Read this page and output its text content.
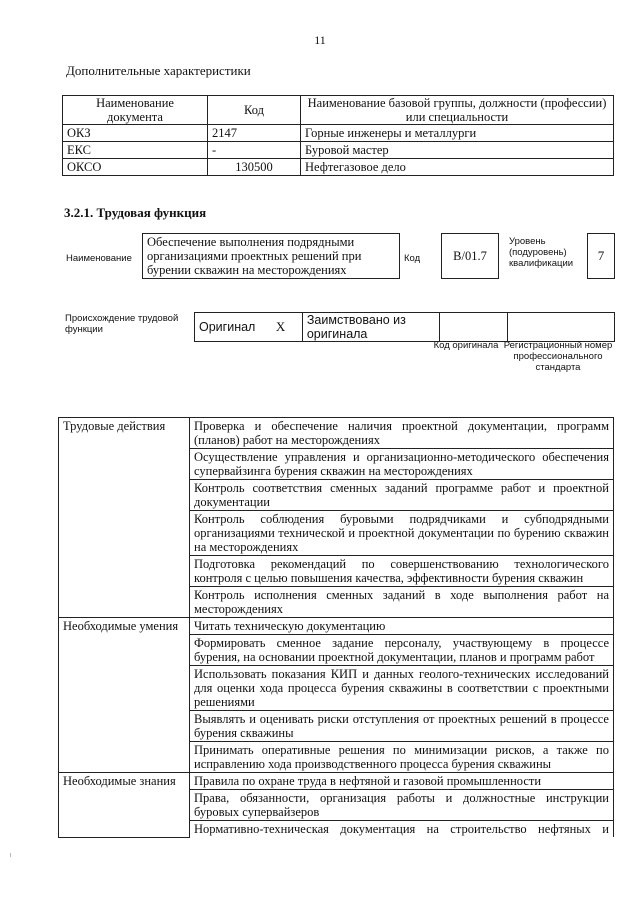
11
Дополнительные характеристики
Наименование документа	Код	Наименование базовой группы, должности (профессии) или специальности
ОКЗ	2147	Горные инженеры и металлурги
ЕКС	-	Буровой мастер
ОКСО	130500	Нефтегазовое дело
3.2.1. Трудовая функция
Наименование
Обеспечение выполнения подрядными организациями проектных решений при бурении скважин на месторождениях
Код	В/01.7
Уровень (подуровень) квалификации
7
Происхождение трудовой функции	Оригинал	X	Заимствовано из оригинала		
Код оригинала Регистрационный номер профессионального стандарта
Трудовые действия	Проверка и обеспечение наличия проектной документации, программ (планов) работ на месторождениях
	Осуществление управления и организационно-методического обеспечения супервайзинга бурения скважин на месторождениях
	Контроль соответствия сменных заданий программе работ и проектной документации
	Контроль соблюдения буровыми подрядчиками и субподрядными организациями технической и проектной документации по бурению скважин на месторождениях
	Подготовка рекомендаций по совершенствованию технологического контроля с целью повышения качества, эффективности бурения скважин
	Контроль исполнения сменных заданий в ходе выполнения работ на месторождениях
Необходимые умения	Читать техническую документацию
	Формировать сменное задание персоналу, участвующему в процессе бурения, на основании проектной документации, планов и программ работ
	Использовать показания КИП и данных геолого-технических исследований для оценки хода процесса бурения скважины в соответствии с проектными решениями
	Выявлять и оценивать риски отступления от проектных решений в процессе бурения скважины
	Принимать оперативные решения по минимизации рисков, а также по исправлению хода производственного процесса бурения скважины
Необходимые знания	Правила по охране труда в нефтяной и газовой промышленности
	Права, обязанности, организация работы и должностные инструкции буровых супервайзеров
	Нормативно-техническая документация на строительство нефтяных и
